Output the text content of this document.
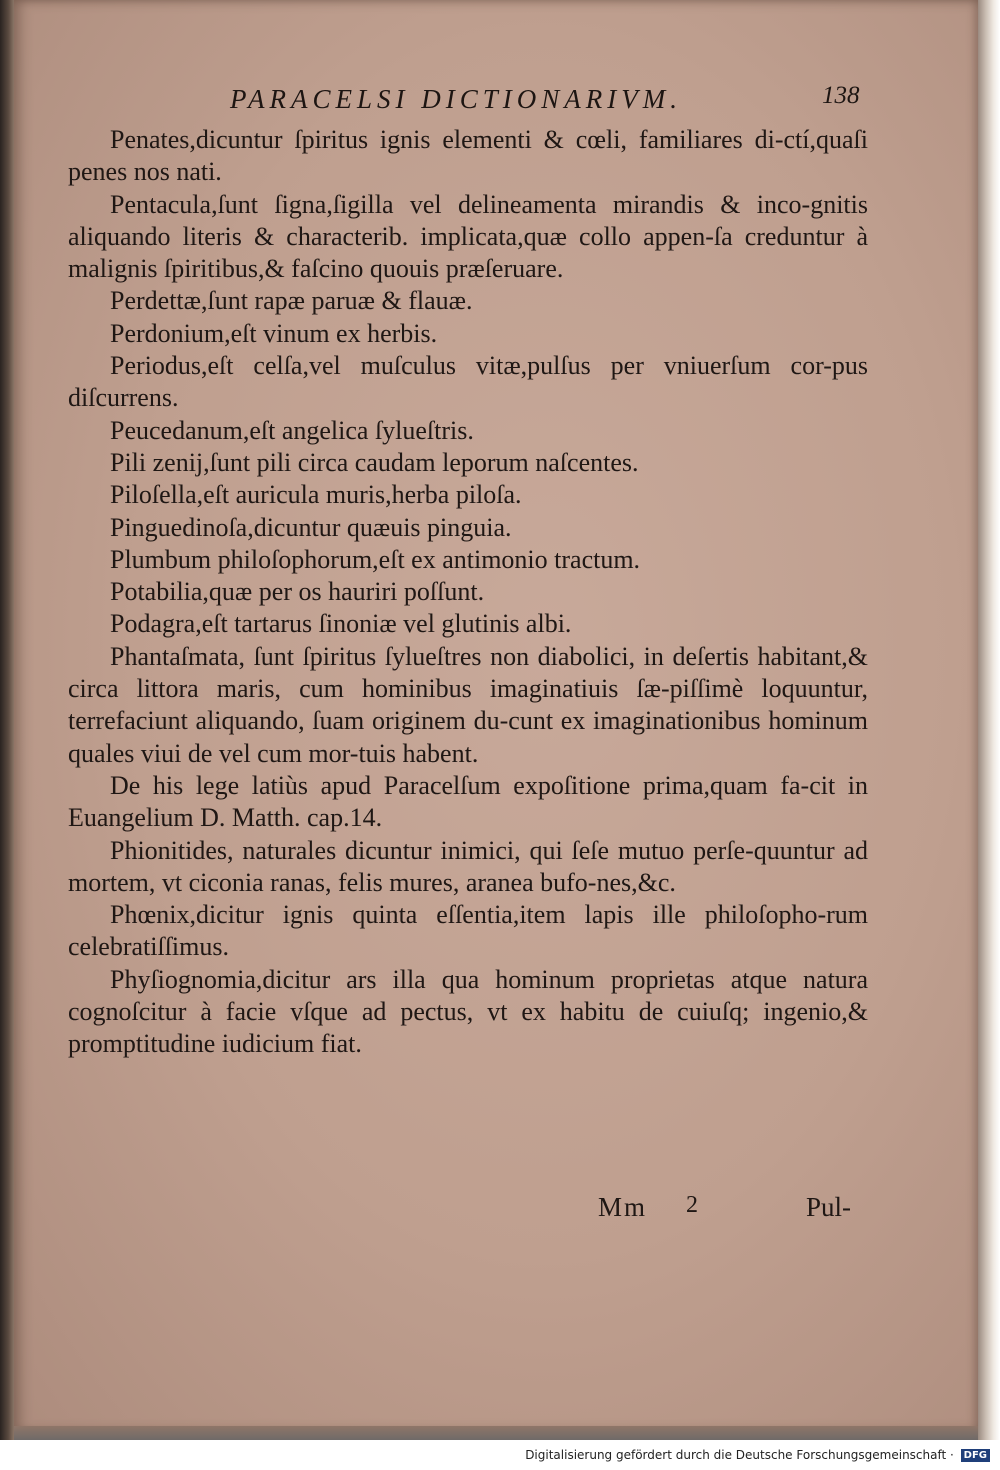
PARACELSI DICTIONARIVM.	138

Penates,dicuntur ſpiritus ignis elementi & cœli, familiares di-ctí,quaſi penes nos nati.

Pentacula,ſunt ſigna,ſigilla vel delineamenta mirandis & inco-gnitis aliquando literis & characterib. implicata,quæ collo appen-ſa creduntur à malignis ſpiritibus,& faſcino quouis præſeruare.

Perdettæ,ſunt rapæ paruæ & flauæ.

Perdonium,eſt vinum ex herbis.

Periodus,eſt celſa,vel muſculus vitæ,pulſus per vniuerſum cor-pus diſcurrens.

Peucedanum,eſt angelica ſylueſtris.

Pili zenij,ſunt pili circa caudam leporum naſcentes.

Piloſella,eſt auricula muris,herba piloſa.

Pinguedinoſa,dicuntur quæuis pinguia.

Plumbum philoſophorum,eſt ex antimonio tractum.

Potabilia,quæ per os hauriri poſſunt.

Podagra,eſt tartarus ſinoniæ vel glutinis albi.

Phantaſmata, ſunt ſpiritus ſylueſtres non diabolici, in deſertis habitant,& circa littora maris, cum hominibus imaginatiuis ſæ-piſſimè loquuntur, terrefaciunt aliquando, ſuam originem du-cunt ex imaginationibus hominum quales viui de vel cum mor-tuis habent.

De his lege latiùs apud Paracelſum expoſitione prima,quam fa-cit in Euangelium D. Matth. cap.14.

Phionitides, naturales dicuntur inimici, qui ſeſe mutuo perſe-quuntur ad mortem, vt ciconia ranas, felis mures, aranea bufo-nes,&c.

Phœnix,dicitur ignis quinta eſſentia,item lapis ille philoſopho-rum celebratiſſimus.

Phyſiognomia,dicitur ars illa qua hominum proprietas atque natura cognoſcitur à facie vſque ad pectus, vt ex habitu de cuiuſq; ingenio,& promptitudine iudicium fiat.

Mm 2	Pul-
Digitalisierung gefördert durch die Deutsche Forschungsgemeinschaft · DFG
